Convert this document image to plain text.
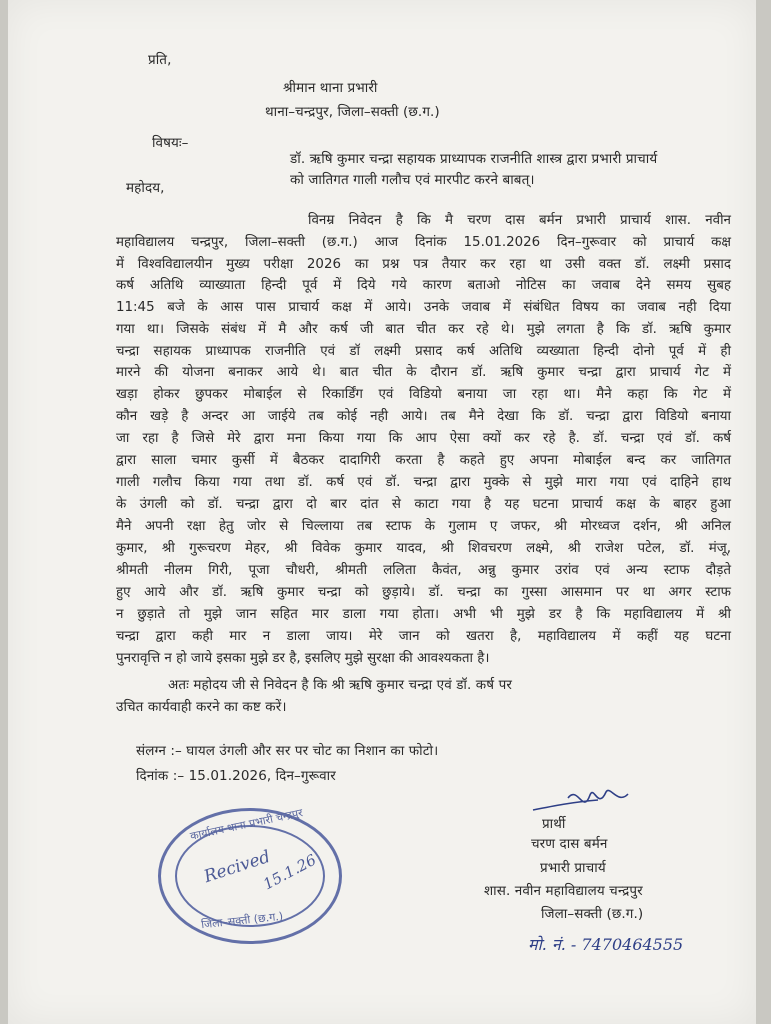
प्रति,
श्रीमान थाना प्रभारी
थाना–चन्द्रपुर, जिला–सक्ती (छ.ग.)
विषयः–
डॉ. ऋषि कुमार चन्द्रा सहायक प्राध्यापक राजनीति शास्त्र द्वारा प्रभारी प्राचार्य
को जातिगत गाली गलौच एवं मारपीट करने बाबत्।
महोदय,
विनम्र निवेदन है कि मै चरण दास बर्मन प्रभारी प्राचार्य शास. नवीन
महाविद्यालय चन्द्रपुर, जिला–सक्ती (छ.ग.) आज दिनांक 15.01.2026 दिन–गुरूवार को प्राचार्य कक्ष
में विश्वविद्यालयीन मुख्य परीक्षा 2026 का प्रश्न पत्र तैयार कर रहा था उसी वक्त डॉ. लक्ष्मी प्रसाद
कर्ष अतिथि व्याख्याता हिन्दी पूर्व में दिये गये कारण बताओ नोटिस का जवाब देने समय सुबह
11:45 बजे के आस पास प्राचार्य कक्ष में आये। उनके जवाब में संबंधित विषय का जवाब नही दिया
गया था। जिसके संबंध में मै और कर्ष जी बात चीत कर रहे थे। मुझे लगता है कि डॉ. ऋषि कुमार
चन्द्रा सहायक प्राध्यापक राजनीति एवं डॉ लक्ष्मी प्रसाद कर्ष अतिथि व्यख्याता हिन्दी दोनो पूर्व में ही
मारने की योजना बनाकर आये थे। बात चीत के दौरान डॉ. ऋषि कुमार चन्द्रा द्वारा प्राचार्य गेट में
खड़ा होकर छुपकर मोबाईल से रिकार्डिंग एवं विडियो बनाया जा रहा था। मैने कहा कि गेट में
कौन खड़े है अन्दर आ जाईये तब कोई नही आये। तब मैने देखा कि डॉ. चन्द्रा द्वारा विडियो बनाया
जा रहा है जिसे मेरे द्वारा मना किया गया कि आप ऐसा क्यों कर रहे है. डॉ. चन्द्रा एवं डॉ. कर्ष
द्वारा साला चमार कुर्सी में बैठकर दादागिरी करता है कहते हुए अपना मोबाईल बन्द कर जातिगत
गाली गलौच किया गया तथा डॉ. कर्ष एवं डॉ. चन्द्रा द्वारा मुक्के से मुझे मारा गया एवं दाहिने हाथ
के उंगली को डॉ. चन्द्रा द्वारा दो बार दांत से काटा गया है यह घटना प्राचार्य कक्ष के बाहर हुआ
मैने अपनी रक्षा हेतु जोर से चिल्लाया तब स्टाफ के गुलाम ए जफर, श्री मोरध्वज दर्शन, श्री अनिल
कुमार, श्री गुरूचरण मेहर, श्री विवेक कुमार यादव, श्री शिवचरण लक्ष्मे, श्री राजेश पटेल, डॉ. मंजू,
श्रीमती नीलम गिरी, पूजा चौधरी, श्रीमती ललिता कैवंत, अन्नु कुमार उरांव एवं अन्य स्टाफ दौड़ते
हुए आये और डॉ. ऋषि कुमार चन्द्रा को छुड़ाये। डॉ. चन्द्रा का गुस्सा आसमान पर था अगर स्टाफ
न छुड़ाते तो मुझे जान सहित मार डाला गया होता। अभी भी मुझे डर है कि महाविद्यालय में श्री
चन्द्रा द्वारा कही मार न डाला जाय। मेरे जान को खतरा है, महाविद्यालय में कहीं यह घटना
पुनरावृत्ति न हो जाये इसका मुझे डर है, इसलिए मुझे सुरक्षा की आवश्यकता है।
अतः महोदय जी से निवेदन है कि श्री ऋषि कुमार चन्द्रा एवं डॉ. कर्ष पर
उचित कार्यवाही करने का कष्ट करें।
संलग्न :– घायल उंगली और सर पर चोट का निशान का फोटो।
दिनांक :– 15.01.2026, दिन–गुरूवार
प्रार्थी
चरण दास बर्मन
प्रभारी प्राचार्य
शास. नवीन महाविद्यालय चन्द्रपुर
जिला–सक्ती (छ.ग.)
मो. नं. - 7470464555
कार्यालय थाना प्रभारी चन्द्रपुर
जिला–सक्ती (छ.ग.)
Recived
15.1.26
